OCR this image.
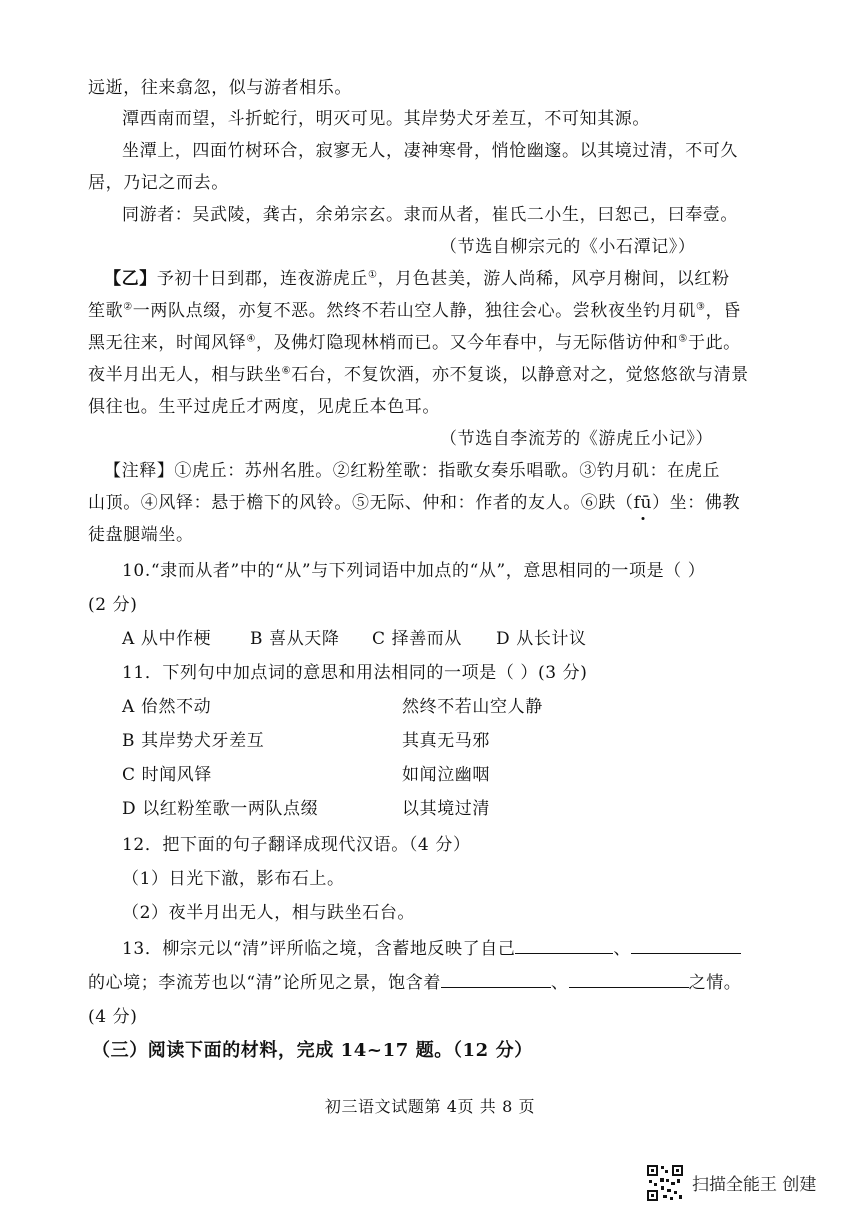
远逝，往来翕忽，似与游者相乐。
潭西南而望，斗折蛇行，明灭可见。其岸势犬牙差互，不可知其源。
坐潭上，四面竹树环合，寂寥无人，凄神寒骨，悄怆幽邃。以其境过清，不可久
居，乃记之而去。
同游者：吴武陵，龚古，余弟宗玄。隶而从者，崔氏二小生，曰恕己，曰奉壹。
（节选自柳宗元的《小石潭记》）
【乙】予初十日到郡，连夜游虎丘①，月色甚美，游人尚稀，风亭月榭间，以红粉
笙歌②一两队点缀，亦复不恶。然终不若山空人静，独往会心。尝秋夜坐钓月矶③，昏
黑无往来，时闻风铎④，及佛灯隐现林梢而已。又今年春中，与无际偕访仲和⑤于此。
夜半月出无人，相与趺坐⑥石台，不复饮酒，亦不复谈，以静意对之，觉悠悠欲与清景
俱往也。生平过虎丘才两度，见虎丘本色耳。
（节选自李流芳的《游虎丘小记》）
【注释】①虎丘：苏州名胜。②红粉笙歌：指歌女奏乐唱歌。③钓月矶：在虎丘
山顶。④风铎：悬于檐下的风铃。⑤无际、仲和：作者的友人。⑥趺（fū）坐：佛教
徒盘腿端坐。
10.“隶而从者”中的“从”与下列词语中加点的“从”，意思相同的一项是（ ）
(2 分)
A 从中作梗 B 喜从天降 C 择善而从 D 从长计议
11．下列句中加点词的意思和用法相同的一项是（ ）(3 分)
A 佁然不动	然终不若山空人静
B 其岸势犬牙差互	其真无马邪
C 时闻风铎	如闻泣幽咽
D 以红粉笙歌一两队点缀	以其境过清
12．把下面的句子翻译成现代汉语。（4 分）
（1）日光下澈，影布石上。
（2）夜半月出无人，相与趺坐石台。
13．柳宗元以“清”评所临之境，含蓄地反映了自己	、
的心境；李流芳也以“清”论所见之景，饱含着	、	之情。
(4 分)
（三）阅读下面的材料，完成 14~17 题。（12 分）
初三语文试题第 4页 共 8 页
扫描全能王 创建
